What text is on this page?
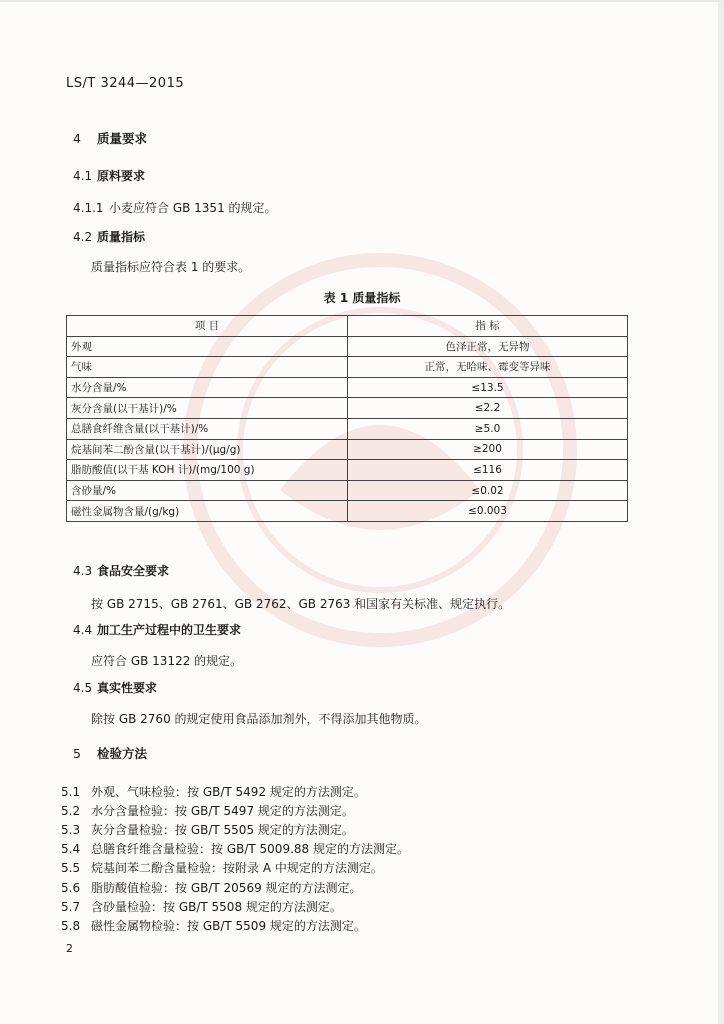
LS/T 3244—2015
4 质量要求
4.1 原料要求
4.1.1 小麦应符合 GB 1351 的规定。
4.2 质量指标
质量指标应符合表 1 的要求。
表 1 质量指标
项 目	指 标
外观	色泽正常，无异物
气味	正常，无哈味、霉变等异味
水分含量/%	≤13.5
灰分含量(以干基计)/%	≤2.2
总膳食纤维含量(以干基计)/%	≥5.0
烷基间苯二酚含量(以干基计)/(μg/g)	≥200
脂肪酸值(以干基 KOH 计)/(mg/100 g)	≤116
含砂量/%	≤0.02
磁性金属物含量/(g/kg)	≤0.003
4.3 食品安全要求
按 GB 2715、GB 2761、GB 2762、GB 2763 和国家有关标准、规定执行。
4.4 加工生产过程中的卫生要求
应符合 GB 13122 的规定。
4.5 真实性要求
除按 GB 2760 的规定使用食品添加剂外，不得添加其他物质。
5 检验方法
5.1 外观、气味检验：按 GB/T 5492 规定的方法测定。
5.2 水分含量检验：按 GB/T 5497 规定的方法测定。
5.3 灰分含量检验：按 GB/T 5505 规定的方法测定。
5.4 总膳食纤维含量检验：按 GB/T 5009.88 规定的方法测定。
5.5 烷基间苯二酚含量检验：按附录 A 中规定的方法测定。
5.6 脂肪酸值检验：按 GB/T 20569 规定的方法测定。
5.7 含砂量检验：按 GB/T 5508 规定的方法测定。
5.8 磁性金属物检验：按 GB/T 5509 规定的方法测定。
2
